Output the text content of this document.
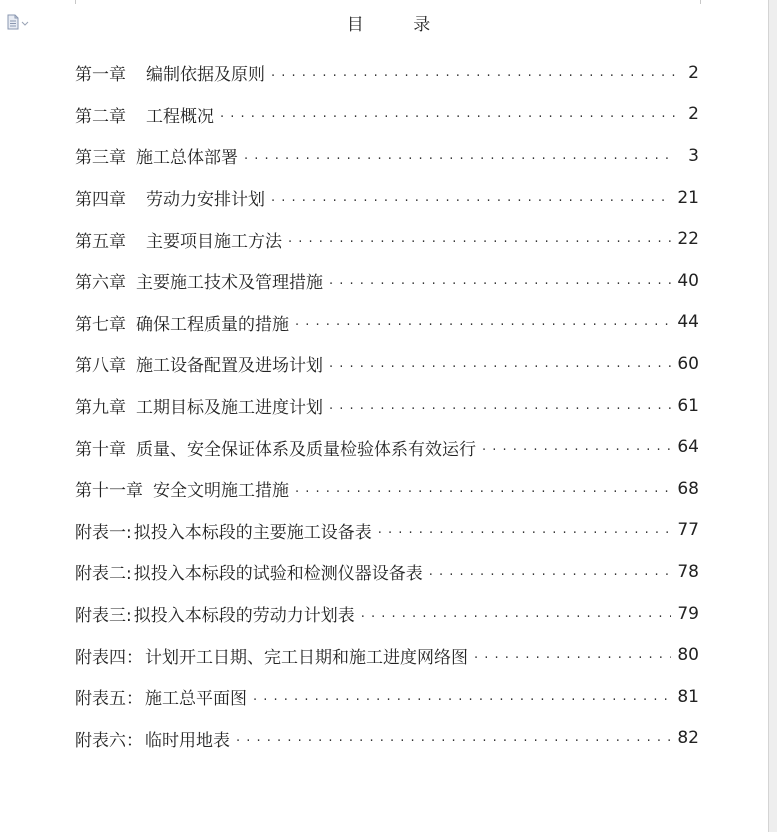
目 录
第一章 编制依据及原则 . . .	2
第二章 工程概况 . . .	2
第三章 施工总体部署 . . .	3
第四章 劳动力安排计划 . . .	21
第五章 主要项目施工方法 . . .	22
第六章 主要施工技术及管理措施 . . .	40
第七章 确保工程质量的措施 . . .	44
第八章 施工设备配置及进场计划 . . .	60
第九章 工期目标及施工进度计划 . . .	61
第十章 质量、安全保证体系及质量检验体系有效运行 . . .	64
第十一章 安全文明施工措施 . . .	68
附表一: 拟投入本标段的主要施工设备表 . . .	77
附表二: 拟投入本标段的试验和检测仪器设备表 . . .	78
附表三: 拟投入本标段的劳动力计划表 . . .	79
附表四： 计划开工日期、完工日期和施工进度网络图 . . .	80
附表五： 施工总平面图 . . .	81
附表六： 临时用地表 . . .	82
